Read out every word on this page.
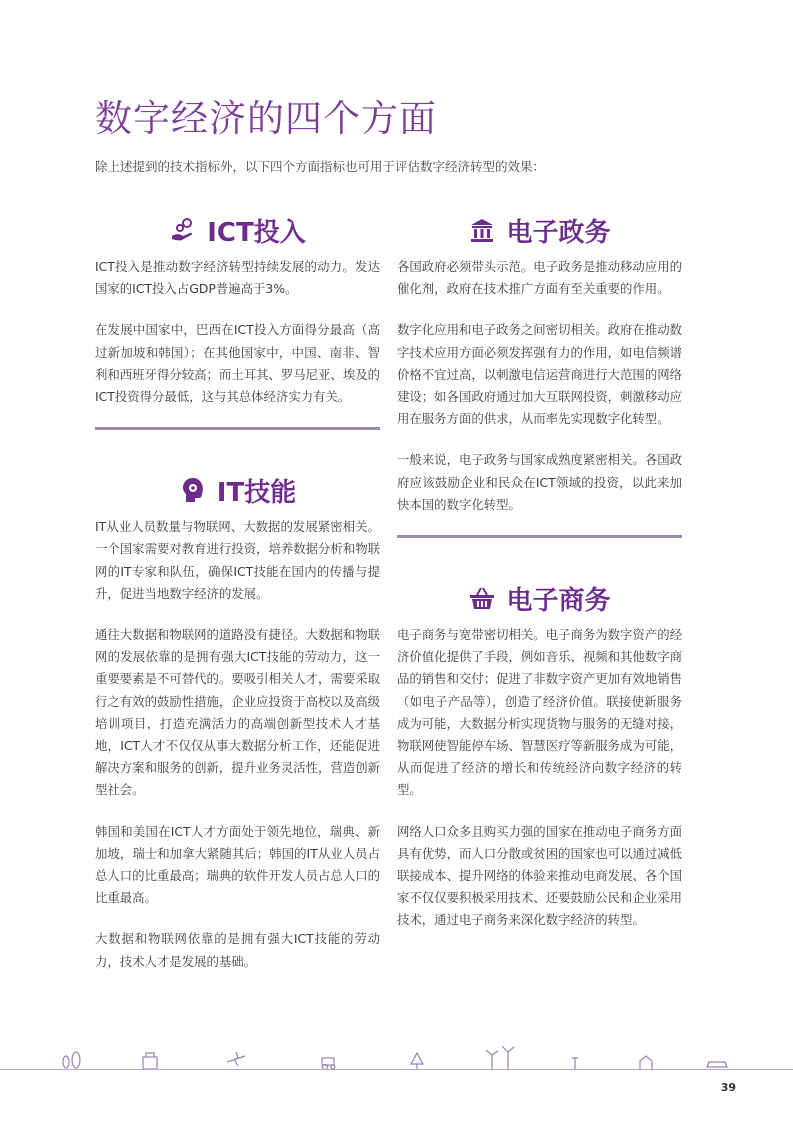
数字经济的四个方面
除上述提到的技术指标外，以下四个方面指标也可用于评估数字经济转型的效果：
ICT投入

ICT投入是推动数字经济转型持续发展的动力。发达国家的ICT投入占GDP普遍高于3%。

在发展中国家中，巴西在ICT投入方面得分最高（高过新加坡和韩国）；在其他国家中，中国、南非、智利和西班牙得分较高；而土耳其、罗马尼亚、埃及的ICT投资得分最低，这与其总体经济实力有关。

IT技能

IT从业人员数量与物联网、大数据的发展紧密相关。一个国家需要对教育进行投资，培养数据分析和物联网的IT专家和队伍，确保ICT技能在国内的传播与提升，促进当地数字经济的发展。

通往大数据和物联网的道路没有捷径。大数据和物联网的发展依靠的是拥有强大ICT技能的劳动力，这一重要要素是不可替代的。要吸引相关人才，需要采取行之有效的鼓励性措施，企业应投资于高校以及高级培训项目，打造充满活力的高端创新型技术人才基地，ICT人才不仅仅从事大数据分析工作，还能促进解决方案和服务的创新，提升业务灵活性，营造创新型社会。

韩国和美国在ICT人才方面处于领先地位，瑞典、新加坡，瑞士和加拿大紧随其后；韩国的IT从业人员占总人口的比重最高；瑞典的软件开发人员占总人口的比重最高。

大数据和物联网依靠的是拥有强大ICT技能的劳动力，技术人才是发展的基础。

电子政务

各国政府必须带头示范。电子政务是推动移动应用的催化剂，政府在技术推广方面有至关重要的作用。

数字化应用和电子政务之间密切相关。政府在推动数字技术应用方面必须发挥强有力的作用，如电信频谱价格不宜过高，以刺激电信运营商进行大范围的网络建设；如各国政府通过加大互联网投资，刺激移动应用在服务方面的供求，从而率先实现数字化转型。

一般来说，电子政务与国家成熟度紧密相关。各国政府应该鼓励企业和民众在ICT领域的投资，以此来加快本国的数字化转型。

电子商务

电子商务与宽带密切相关。电子商务为数字资产的经济价值化提供了手段，例如音乐、视频和其他数字商品的销售和交付；促进了非数字资产更加有效地销售（如电子产品等），创造了经济价值。联接使新服务成为可能，大数据分析实现货物与服务的无缝对接，物联网使智能停车场、智慧医疗等新服务成为可能，从而促进了经济的增长和传统经济向数字经济的转型。

网络人口众多且购买力强的国家在推动电子商务方面具有优势，而人口分散或贫困的国家也可以通过减低联接成本、提升网络的体验来推动电商发展、各个国家不仅仅要积极采用技术、还要鼓励公民和企业采用技术，通过电子商务来深化数字经济的转型。

39
